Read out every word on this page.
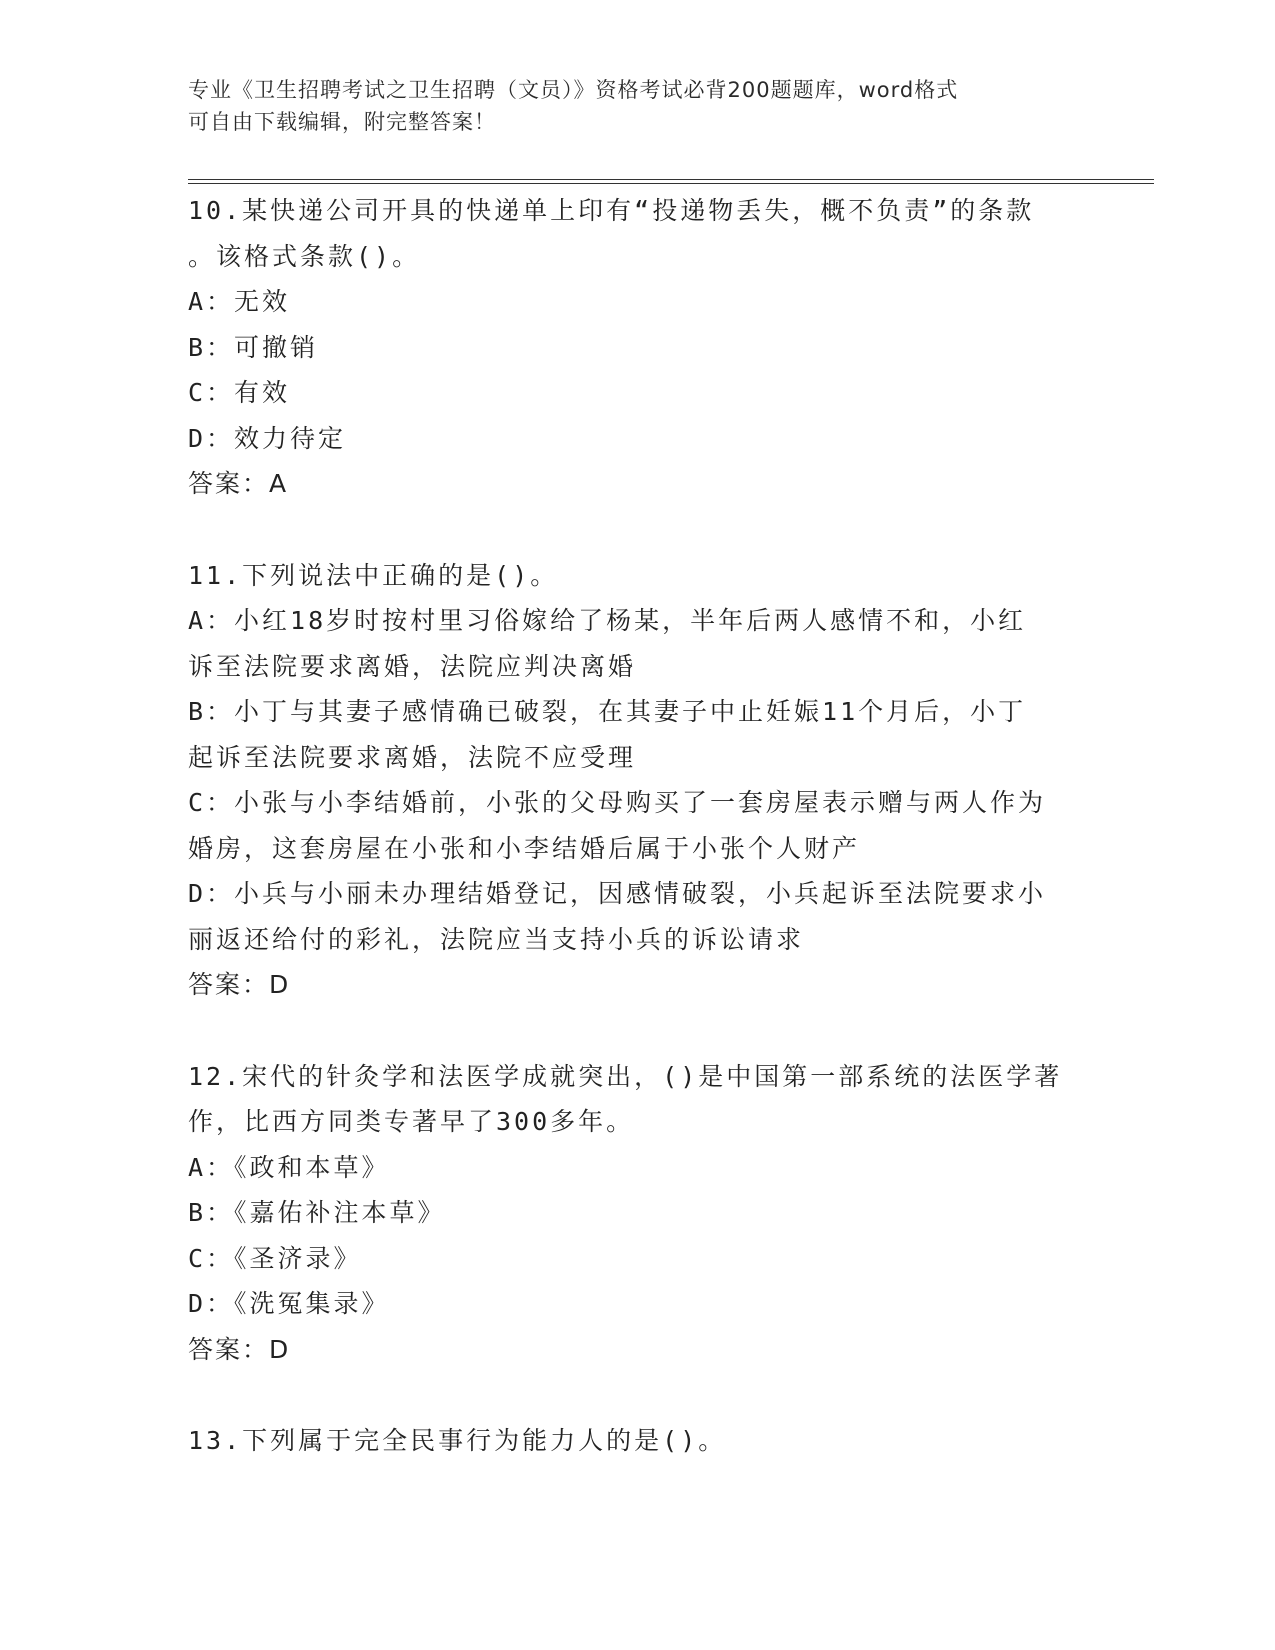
专业《卫生招聘考试之卫生招聘（文员）》资格考试必背200题题库，word格式
可自由下载编辑，附完整答案！
10.某快递公司开具的快递单上印有“投递物丢失，概不负责”的条款
。该格式条款()。
A：无效
B：可撤销
C：有效
D：效力待定
答案：A
11.下列说法中正确的是()。
A：小红18岁时按村里习俗嫁给了杨某，半年后两人感情不和，小红
诉至法院要求离婚，法院应判决离婚
B：小丁与其妻子感情确已破裂，在其妻子中止妊娠11个月后，小丁
起诉至法院要求离婚，法院不应受理
C：小张与小李结婚前，小张的父母购买了一套房屋表示赠与两人作为
婚房，这套房屋在小张和小李结婚后属于小张个人财产
D：小兵与小丽未办理结婚登记，因感情破裂，小兵起诉至法院要求小
丽返还给付的彩礼，法院应当支持小兵的诉讼请求
答案：D
12.宋代的针灸学和法医学成就突出，()是中国第一部系统的法医学著
作，比西方同类专著早了300多年。
A：《政和本草》
B：《嘉佑补注本草》
C：《圣济录》
D：《洗冤集录》
答案：D
13.下列属于完全民事行为能力人的是()。
